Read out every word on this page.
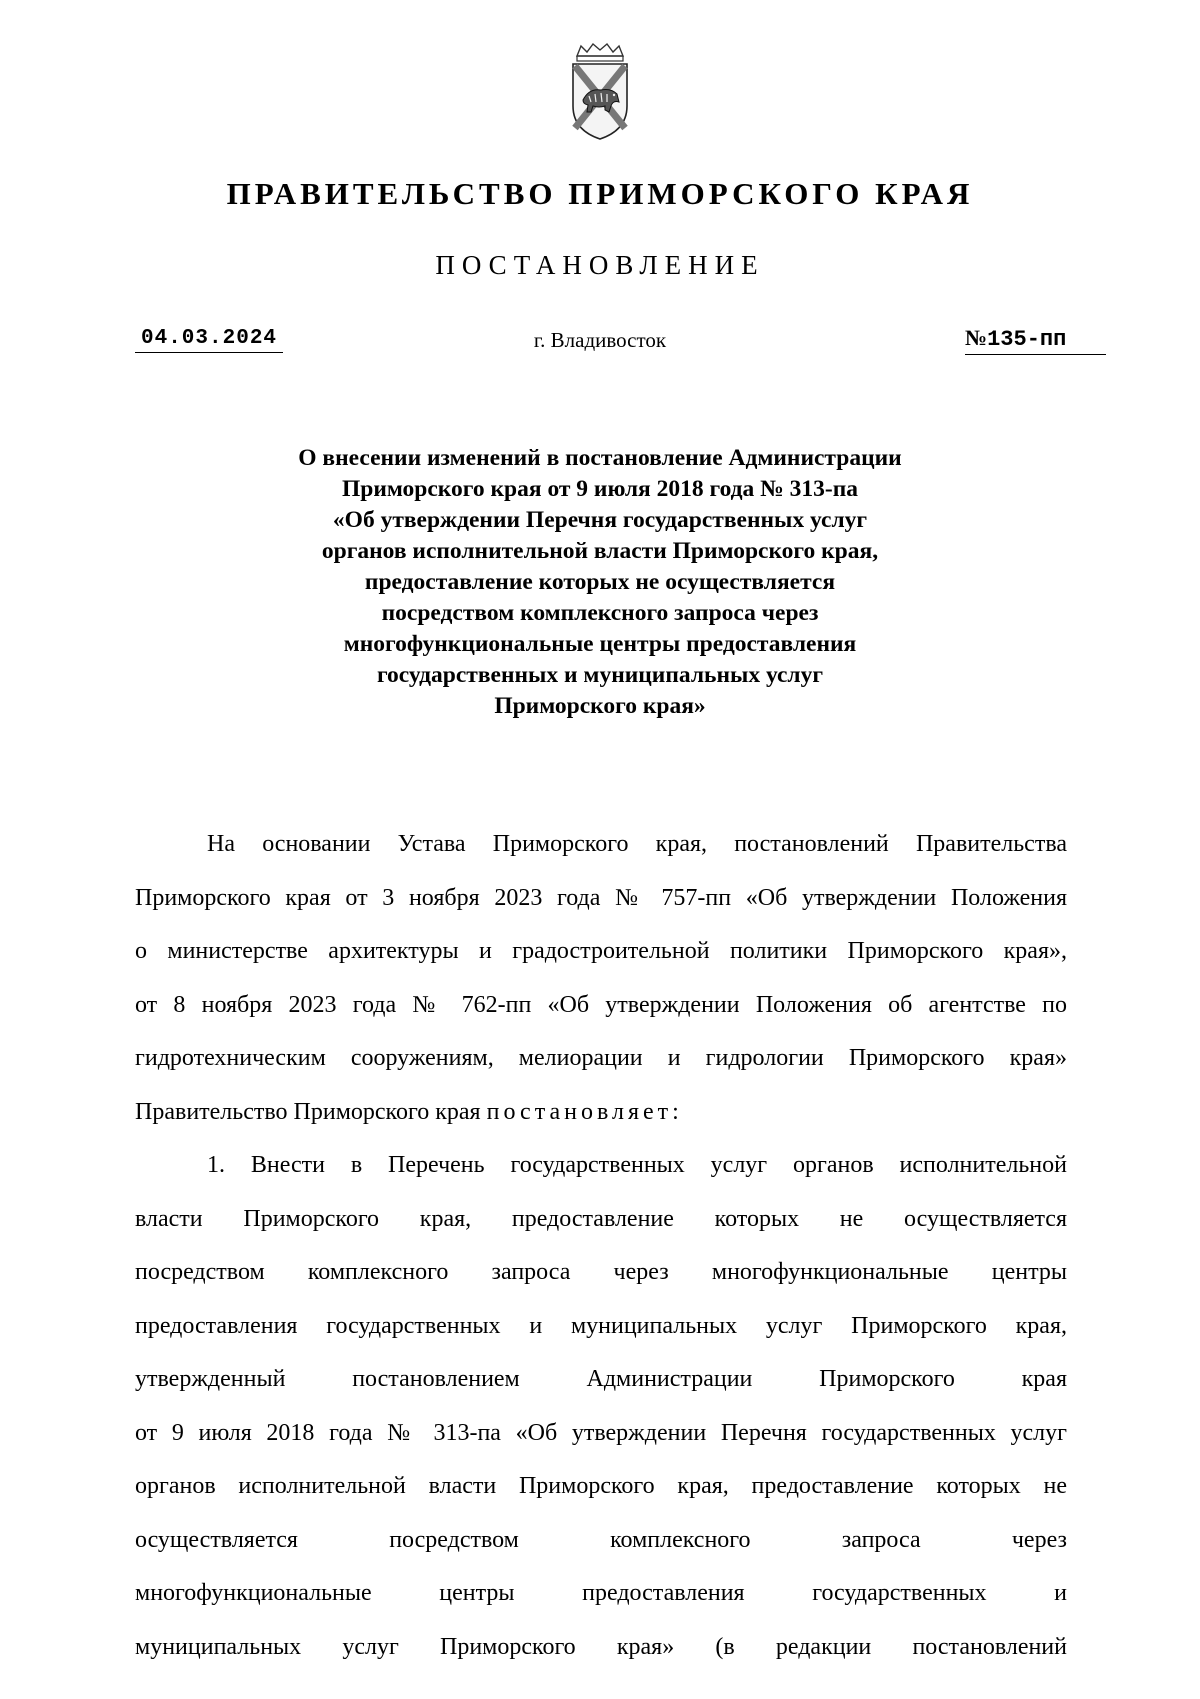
ПРАВИТЕЛЬСТВО ПРИМОРСКОГО КРАЯ
ПОСТАНОВЛЕНИЕ
04.03.2024	г. Владивосток	№135-пп
О внесении изменений в постановление Администрации
Приморского края от 9 июля 2018 года № 313-па
«Об утверждении Перечня государственных услуг
органов исполнительной власти Приморского края,
предоставление которых не осуществляется
посредством комплексного запроса через
многофункциональные центры предоставления
государственных и муниципальных услуг
Приморского края»
На основании Устава Приморского края, постановлений Правительства
Приморского края от 3 ноября 2023 года № 757-пп «Об утверждении Положения
о министерстве архитектуры и градостроительной политики Приморского края»,
от 8 ноября 2023 года № 762-пп «Об утверждении Положения об агентстве по
гидротехническим сооружениям, мелиорации и гидрологии Приморского края»
Правительство Приморского края постановляет:
1. Внести в Перечень государственных услуг органов исполнительной
власти Приморского края, предоставление которых не осуществляется
посредством комплексного запроса через многофункциональные центры
предоставления государственных и муниципальных услуг Приморского края,
утвержденный постановлением Администрации Приморского края
от 9 июля 2018 года № 313-па «Об утверждении Перечня государственных услуг
органов исполнительной власти Приморского края, предоставление которых не
осуществляется посредством комплексного запроса через
многофункциональные центры предоставления государственных и
муниципальных услуг Приморского края» (в редакции постановлений
